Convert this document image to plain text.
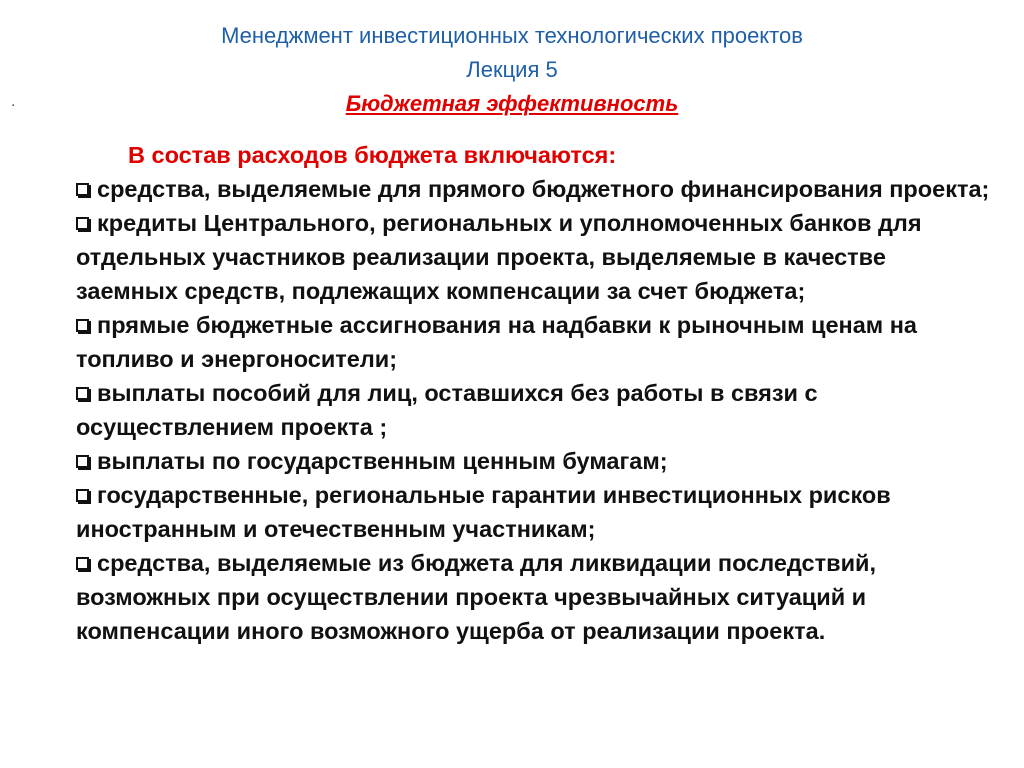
Менеджмент инвестиционных технологических проектов
Лекция 5
.	Бюджетная эффективность
В состав расходов бюджета включаются:

средства, выделяемые для прямого бюджетного финансирования проекта;

кредиты Центрального, региональных и уполномоченных банков для отдельных участников реализации проекта, выделяемые в качестве заемных средств, подлежащих компенсации за счет бюджета;

прямые бюджетные ассигнования на надбавки к рыночным ценам на топливо и энергоносители;

выплаты пособий для лиц, оставшихся без работы в связи с осуществлением проекта ;

выплаты по государственным ценным бумагам;

государственные, региональные гарантии инвестиционных рисков иностранным и отечественным участникам;

средства, выделяемые из бюджета для ликвидации последствий, возможных при осуществлении проекта чрезвычайных ситуаций и компенсации иного возможного ущерба от реализации проекта.
